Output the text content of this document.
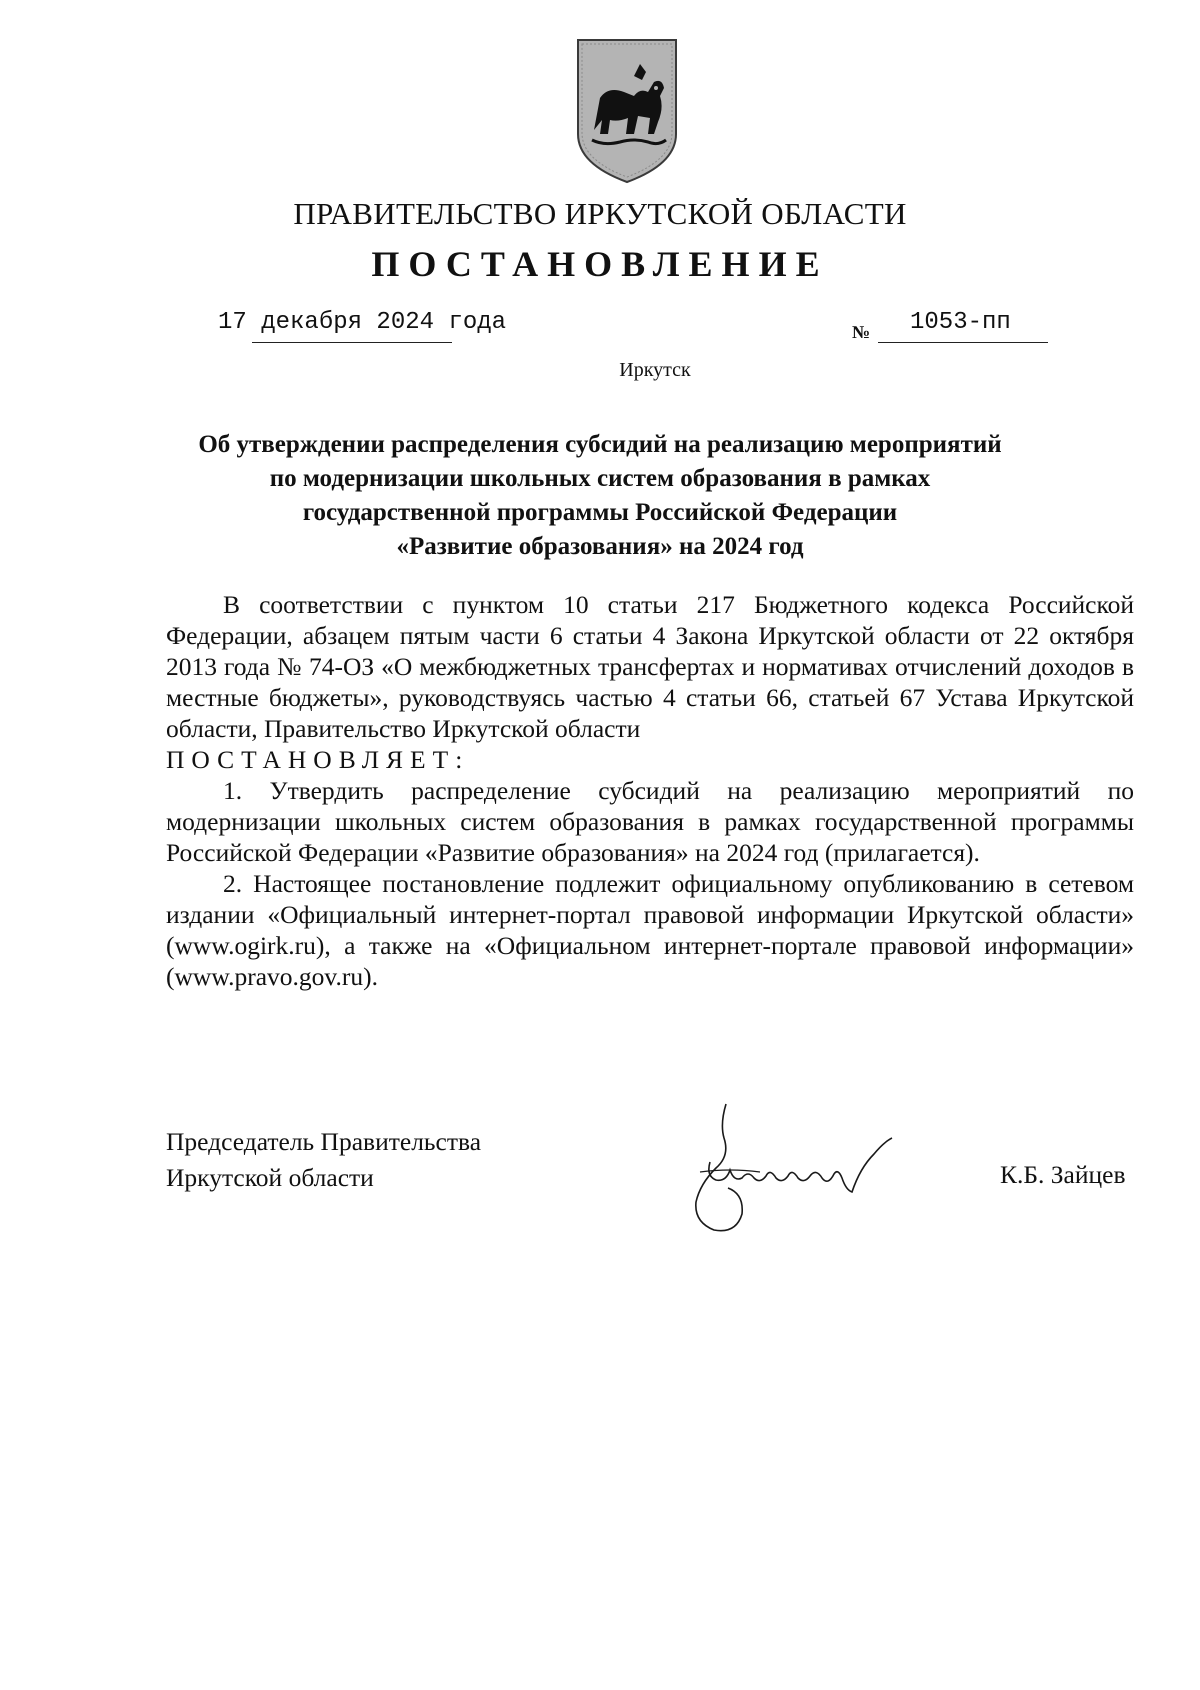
ПРАВИТЕЛЬСТВО ИРКУТСКОЙ ОБЛАСТИ
ПОСТАНОВЛЕНИЕ
17 декабря 2024 года	№ 1053-пп
Иркутск
Об утверждении распределения субсидий на реализацию мероприятий
по модернизации школьных систем образования в рамках
государственной программы Российской Федерации
«Развитие образования» на 2024 год

В соответствии с пунктом 10 статьи 217 Бюджетного кодекса Российской Федерации, абзацем пятым части 6 статьи 4 Закона Иркутской области от 22 октября 2013 года № 74-ОЗ «О межбюджетных трансфертах и нормативах отчислений доходов в местные бюджеты», руководствуясь частью 4 статьи 66, статьей 67 Устава Иркутской области, Правительство Иркутской области
ПОСТАНОВЛЯЕТ:

1. Утвердить распределение субсидий на реализацию мероприятий по модернизации школьных систем образования в рамках государственной программы Российской Федерации «Развитие образования» на 2024 год (прилагается).

2. Настоящее постановление подлежит официальному опубликованию в сетевом издании «Официальный интернет-портал правовой информации Иркутской области» (www.ogirk.ru), а также на «Официальном интернет-портале правовой информации» (www.pravo.gov.ru).

Председатель Правительства
Иркутской области	К.Б. Зайцев
